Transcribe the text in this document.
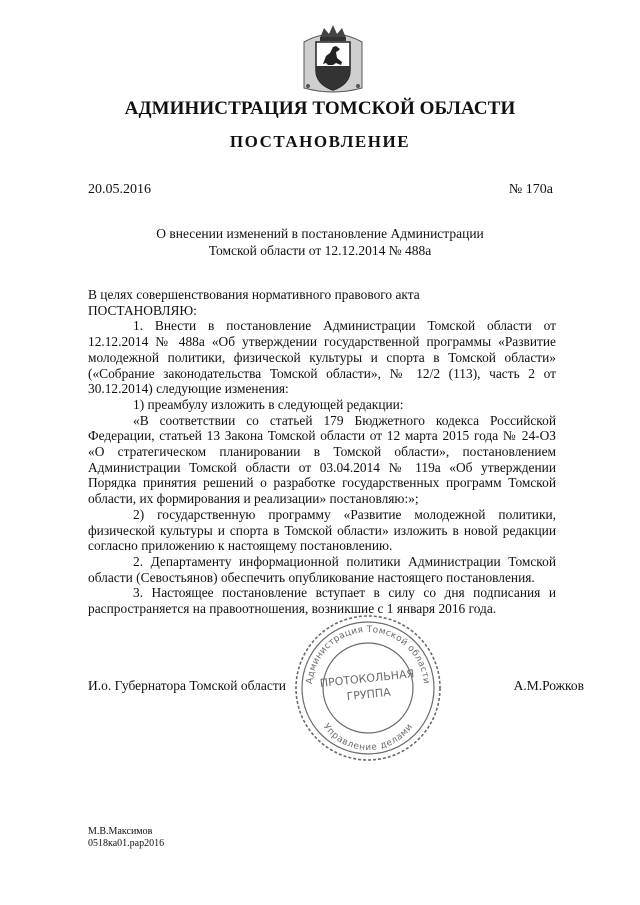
АДМИНИСТРАЦИЯ ТОМСКОЙ ОБЛАСТИ
ПОСТАНОВЛЕНИЕ
20.05.2016	№ 170а
О внесении изменений в постановление Администрации
Томской области от 12.12.2014 № 488а

В целях совершенствования нормативного правового акта

ПОСТАНОВЛЯЮ:

1. Внести в постановление Администрации Томской области от 12.12.2014 № 488а «Об утверждении государственной программы «Развитие молодежной политики, физической культуры и спорта в Томской области» («Собрание законодательства Томской области», № 12/2 (113), часть 2 от 30.12.2014) следующие изменения:

1) преамбулу изложить в следующей редакции:

«В соответствии со статьей 179 Бюджетного кодекса Российской Федерации, статьей 13 Закона Томской области от 12 марта 2015 года № 24-ОЗ «О стратегическом планировании в Томской области», постановлением Администрации Томской области от 03.04.2014 № 119а «Об утверждении Порядка принятия решений о разработке государственных программ Томской области, их формирования и реализации» постановляю:»;

2) государственную программу «Развитие молодежной политики, физической культуры и спорта в Томской области» изложить в новой редакции согласно приложению к настоящему постановлению.

2. Департаменту информационной политики Администрации Томской области (Севостьянов) обеспечить опубликование настоящего постановления.

3. Настоящее постановление вступает в силу со дня подписания и распространяется на правоотношения, возникшие с 1 января 2016 года.

И.о. Губернатора Томской области	А.М.Рожков
Администрация Томской области
Управление делами
ПРОТОКОЛЬНАЯ
ГРУППА
М.В.Максимов
0518ка01.рар2016
